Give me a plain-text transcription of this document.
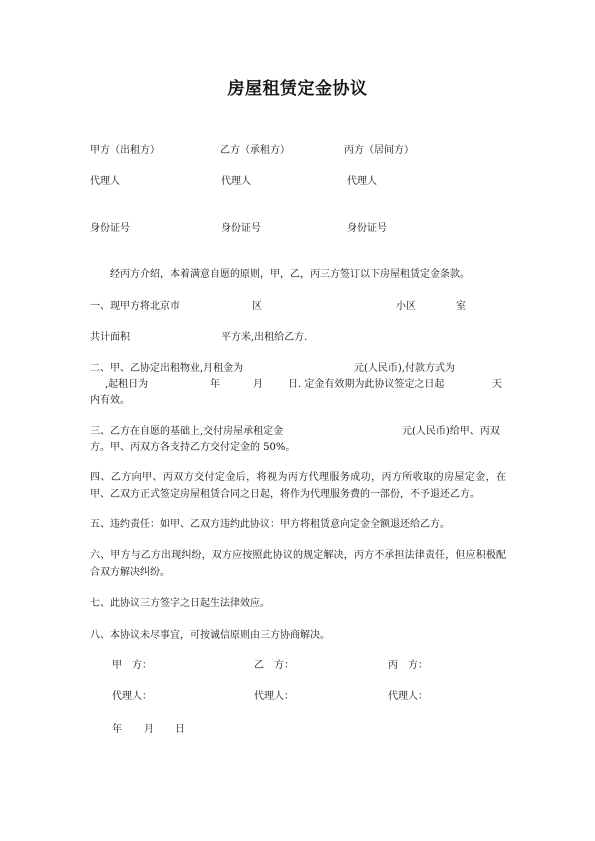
房屋租赁定金协议
甲方（出租方）	乙方（承租方）	丙方（居间方）
代理人	代理人	代理人
身份证号	身份证号	身份证号
经丙方介绍，本着满意自愿的原则，甲，乙，丙三方签订以下房屋租赁定金条款。
一、现甲方将北京市	区	小区	室
共计面积	平方米,出租给乙方.
二、甲、乙协定出租物业,月租金为	元(人民币),付款方式为
,起租日为	年	月	日. 定金有效期为此协议签定之日起	天
内有效。
三、乙方在自愿的基础上,交付房屋承租定金	元(人民币)给甲、丙双
方。甲、丙双方各支持乙方交付定金的 50%。
四、乙方向甲、丙双方交付定金后，将视为丙方代理服务成功，丙方所收取的房屋定金，在甲、乙双方正式签定房屋租赁合同之日起，将作为代理服务费的一部份，不予退还乙方。
五、违约责任：如甲、乙双方违约此协议：甲方将租赁意向定金全额退还给乙方。
六、甲方与乙方出现纠纷，双方应按照此协议的规定解决，丙方不承担法律责任，但应积极配合双方解决纠纷。
七、此协议三方签字之日起生法律效应。
八、本协议未尽事宜，可按诚信原则由三方协商解决。
甲　方：	乙　方：	丙　方：
代理人：	代理人：	代理人：
年 月 日
